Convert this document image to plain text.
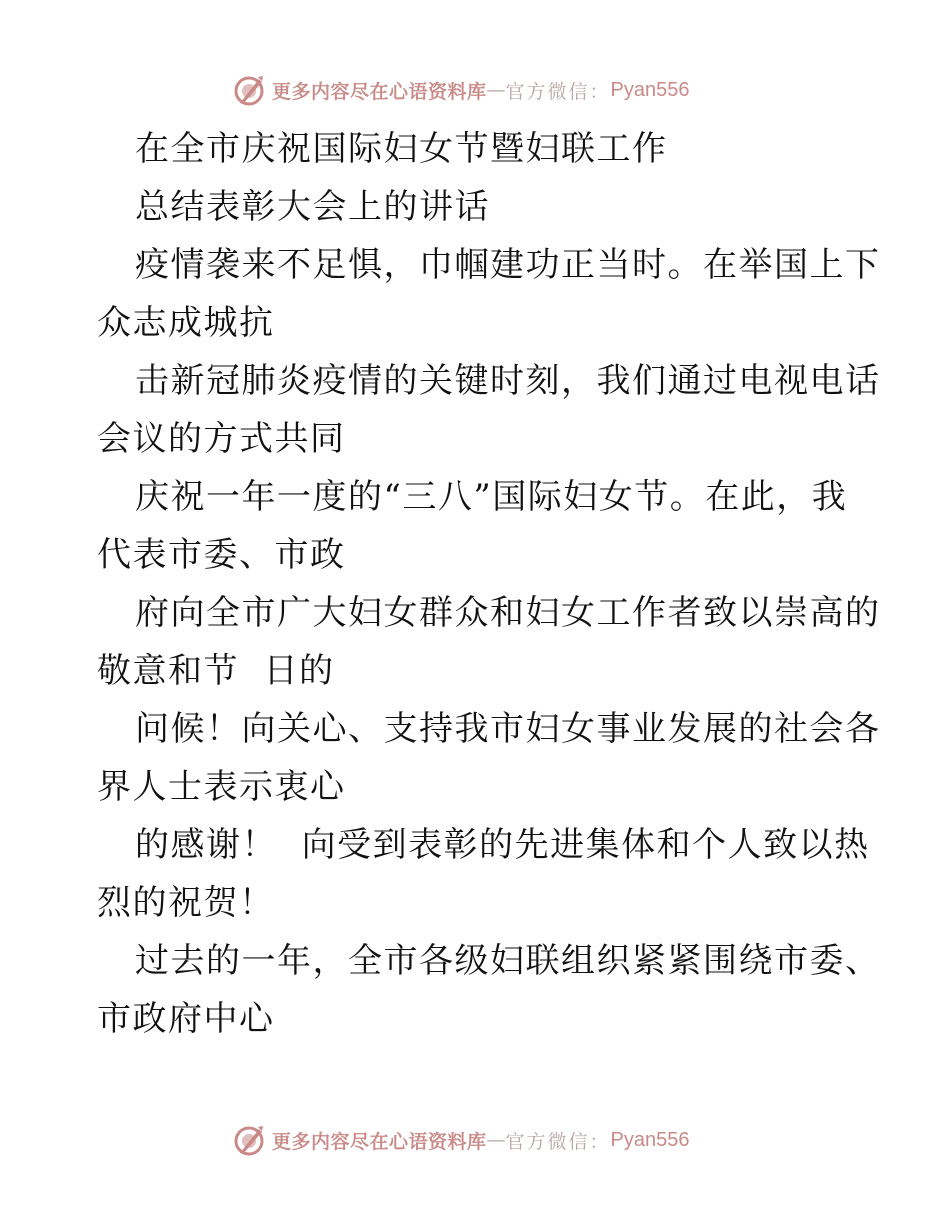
更多内容尽在心语资料库 — 官方微信： Pyan556
在全市庆祝国际妇女节暨妇联工作
总结表彰大会上的讲话
疫情袭来不足惧，巾帼建功正当时。在举国上下
众志成城抗
击新冠肺炎疫情的关键时刻，我们通过电视电话
会议的方式共同
庆祝一年一度的“三八”国际妇女节。在此，我
代表市委、市政
府向全市广大妇女群众和妇女工作者致以崇高的
敬意和节  日的
问候！向关心、支持我市妇女事业发展的社会各
界人士表示衷心
的感谢！  向受到表彰的先进集体和个人致以热
烈的祝贺！
过去的一年，全市各级妇联组织紧紧围绕市委、
市政府中心
更多内容尽在心语资料库 — 官方微信： Pyan556
